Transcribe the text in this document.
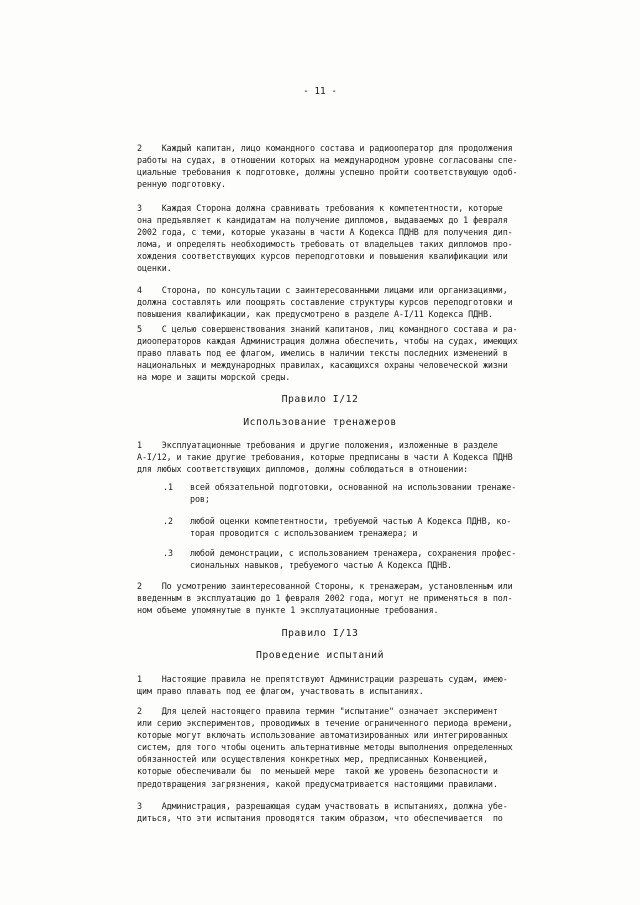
- 11 -
2    Каждый капитан, лицо командного состава и радиооператор для продолжения
работы на судах, в отношении которых на международном уровне согласованы спе-
циальные требования к подготовке, должны успешно пройти соответствующую одоб-
ренную подготовку.
3    Каждая Сторона должна сравнивать требования к компетентности, которые
она предъявляет к кандидатам на получение дипломов, выдаваемых до 1 февраля
2002 года, с теми, которые указаны в части А Кодекса ПДНВ для получения дип-
лома, и определять необходимость требовать от владельцев таких дипломов про-
хождения соответствующих курсов переподготовки и повышения квалификации или
оценки.
4    Сторона, по консультации с заинтересованными лицами или организациями,
должна составлять или поощрять составление структуры курсов переподготовки и
повышения квалификации, как предусмотрено в разделе А-I/11 Кодекса ПДНВ.
5    С целью совершенствования знаний капитанов, лиц командного состава и ра-
диооператоров каждая Администрация должна обеспечить, чтобы на судах, имеющих
право плавать под ее флагом, имелись в наличии тексты последних изменений в
национальных и международных правилах, касающихся охраны человеческой жизни
на море и защиты морской среды.
Правило I/12
Использование тренажеров
1    Эксплуатационные требования и другие положения, изложенные в разделе
А-I/12, и такие другие требования, которые предписаны в части А Кодекса ПДНВ
для любых соответствующих дипломов, должны соблюдаться в отношении:
.1 всей обязательной подготовки, основанной на использовании тренаже-
ров;
.2 любой оценки компетентности, требуемой частью А Кодекса ПДНВ, ко-
торая проводится с использованием тренажера; и
.3 любой демонстрации, с использованием тренажера, сохранения профес-
сиональных навыков, требуемого частью А Кодекса ПДНВ.
2    По усмотрению заинтересованной Стороны, к тренажерам, установленным или
введенным в эксплуатацию до 1 февраля 2002 года, могут не применяться в пол-
ном объеме упомянутые в пункте 1 эксплуатационные требования.
Правило I/13
Проведение испытаний
1    Настоящие правила не препятствуют Администрации разрешать судам, имею-
щим право плавать под ее флагом, участвовать в испытаниях.
2    Для целей настоящего правила термин "испытание" означает эксперимент
или серию экспериментов, проводимых в течение ограниченного периода времени,
которые могут включать использование автоматизированных или интегрированных
систем, для того чтобы оценить альтернативные методы выполнения определенных
обязанностей или осуществления конкретных мер, предписанных Конвенцией,
которые обеспечивали бы  по меньшей мере  такой же уровень безопасности и
предотвращения загрязнения, какой предусматривается настоящими правилами.
3    Администрация, разрешающая судам участвовать в испытаниях, должна убе-
диться, что эти испытания проводятся таким образом, что обеспечивается  по
